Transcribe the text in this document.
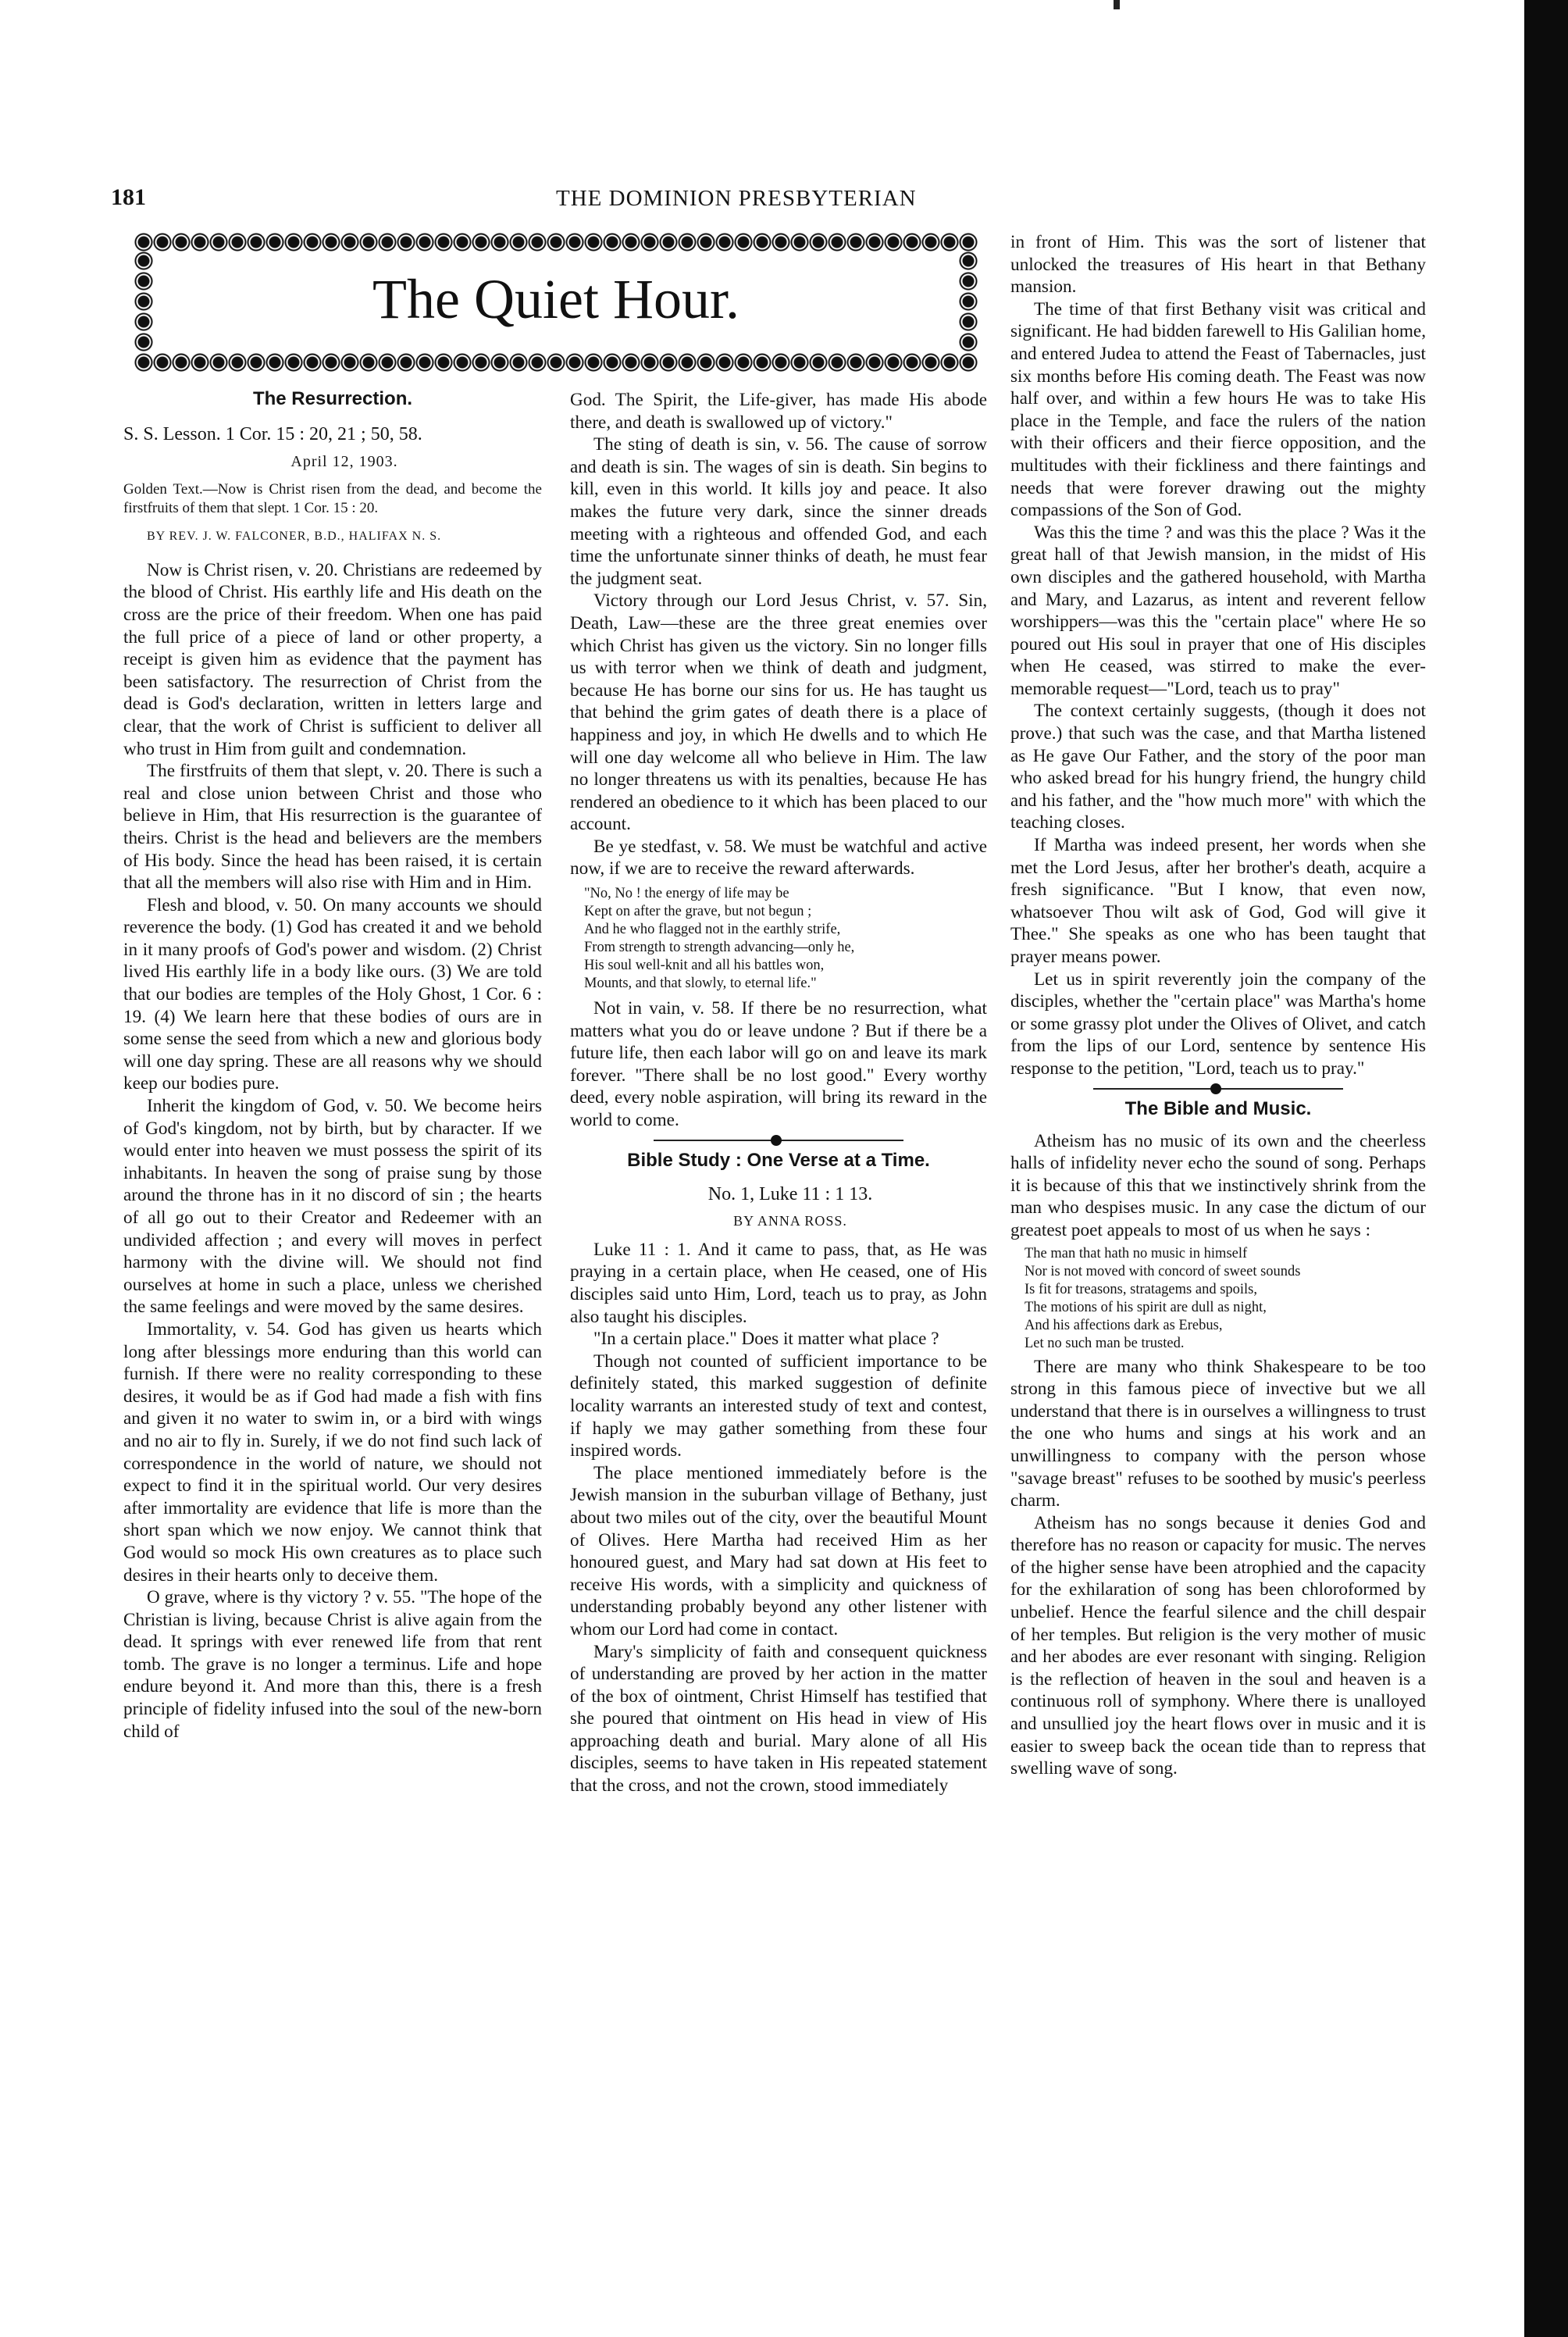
181	THE DOMINION PRESBYTERIAN
The Quiet Hour.
The Resurrection.

S. S. Lesson. 1 Cor. 15 : 20, 21 ; 50, 58.

April 12, 1903.

Golden Text.—Now is Christ risen from the dead, and become the firstfruits of them that slept. 1 Cor. 15 : 20.

BY REV. J. W. FALCONER, B.D., HALIFAX N. S.

Now is Christ risen, v. 20. Christians are redeemed by the blood of Christ. His earthly life and His death on the cross are the price of their freedom. When one has paid the full price of a piece of land or other property, a receipt is given him as evidence that the payment has been satisfactory. The resurrection of Christ from the dead is God's declaration, written in letters large and clear, that the work of Christ is sufficient to deliver all who trust in Him from guilt and condemnation.

The firstfruits of them that slept, v. 20. There is such a real and close union between Christ and those who believe in Him, that His resurrection is the guarantee of theirs. Christ is the head and believers are the members of His body. Since the head has been raised, it is certain that all the members will also rise with Him and in Him.

Flesh and blood, v. 50. On many accounts we should reverence the body. (1) God has created it and we behold in it many proofs of God's power and wisdom. (2) Christ lived His earthly life in a body like ours. (3) We are told that our bodies are temples of the Holy Ghost, 1 Cor. 6 : 19. (4) We learn here that these bodies of ours are in some sense the seed from which a new and glorious body will one day spring. These are all reasons why we should keep our bodies pure.

Inherit the kingdom of God, v. 50. We become heirs of God's kingdom, not by birth, but by character. If we would enter into heaven we must possess the spirit of its inhabitants. In heaven the song of praise sung by those around the throne has in it no discord of sin ; the hearts of all go out to their Creator and Redeemer with an undivided affection ; and every will moves in perfect harmony with the divine will. We should not find ourselves at home in such a place, unless we cherished the same feelings and were moved by the same desires.

Immortality, v. 54. God has given us hearts which long after blessings more enduring than this world can furnish. If there were no reality corresponding to these desires, it would be as if God had made a fish with fins and given it no water to swim in, or a bird with wings and no air to fly in. Surely, if we do not find such lack of correspondence in the world of nature, we should not expect to find it in the spiritual world. Our very desires after immortality are evidence that life is more than the short span which we now enjoy. We cannot think that God would so mock His own creatures as to place such desires in their hearts only to deceive them.

O grave, where is thy victory ? v. 55. "The hope of the Christian is living, because Christ is alive again from the dead. It springs with ever renewed life from that rent tomb. The grave is no longer a terminus. Life and hope endure beyond it. And more than this, there is a fresh principle of fidelity infused into the soul of the new-born child of

God. The Spirit, the Life-giver, has made His abode there, and death is swallowed up of victory."

The sting of death is sin, v. 56. The cause of sorrow and death is sin. The wages of sin is death. Sin begins to kill, even in this world. It kills joy and peace. It also makes the future very dark, since the sinner dreads meeting with a righteous and offended God, and each time the unfortunate sinner thinks of death, he must fear the judgment seat.

Victory through our Lord Jesus Christ, v. 57. Sin, Death, Law—these are the three great enemies over which Christ has given us the victory. Sin no longer fills us with terror when we think of death and judgment, because He has borne our sins for us. He has taught us that behind the grim gates of death there is a place of happiness and joy, in which He dwells and to which He will one day welcome all who believe in Him. The law no longer threatens us with its penalties, because He has rendered an obedience to it which has been placed to our account.

Be ye stedfast, v. 58. We must be watchful and active now, if we are to receive the reward afterwards.

"No, No ! the energy of life may be
Kept on after the grave, but not begun ;
And he who flagged not in the earthly strife,
From strength to strength advancing—only he,
His soul well-knit and all his battles won,
Mounts, and that slowly, to eternal life."

Not in vain, v. 58. If there be no resurrection, what matters what you do or leave undone ? But if there be a future life, then each labor will go on and leave its mark forever. "There shall be no lost good." Every worthy deed, every noble aspiration, will bring its reward in the world to come.

Bible Study : One Verse at a Time.

No. 1, Luke 11 : 1 13.

BY ANNA ROSS.

Luke 11 : 1. And it came to pass, that, as He was praying in a certain place, when He ceased, one of His disciples said unto Him, Lord, teach us to pray, as John also taught his disciples.

"In a certain place." Does it matter what place ?

Though not counted of sufficient importance to be definitely stated, this marked suggestion of definite locality warrants an interested study of text and contest, if haply we may gather something from these four inspired words.

The place mentioned immediately before is the Jewish mansion in the suburban village of Bethany, just about two miles out of the city, over the beautiful Mount of Olives. Here Martha had received Him as her honoured guest, and Mary had sat down at His feet to receive His words, with a simplicity and quickness of understanding probably beyond any other listener with whom our Lord had come in contact.

Mary's simplicity of faith and consequent quickness of understanding are proved by her action in the matter of the box of ointment, Christ Himself has testified that she poured that ointment on His head in view of His approaching death and burial. Mary alone of all His disciples, seems to have taken in His repeated statement that the cross, and not the crown, stood immediately

in front of Him. This was the sort of listener that unlocked the treasures of His heart in that Bethany mansion.

The time of that first Bethany visit was critical and significant. He had bidden farewell to His Galilian home, and entered Judea to attend the Feast of Tabernacles, just six months before His coming death. The Feast was now half over, and within a few hours He was to take His place in the Temple, and face the rulers of the nation with their officers and their fierce opposition, and the multitudes with their fickliness and there faintings and needs that were forever drawing out the mighty compassions of the Son of God.

Was this the time ? and was this the place ? Was it the great hall of that Jewish mansion, in the midst of His own disciples and the gathered household, with Martha and Mary, and Lazarus, as intent and reverent fellow worshippers—was this the "certain place" where He so poured out His soul in prayer that one of His disciples when He ceased, was stirred to make the ever-memorable request—"Lord, teach us to pray"

The context certainly suggests, (though it does not prove.) that such was the case, and that Martha listened as He gave Our Father, and the story of the poor man who asked bread for his hungry friend, the hungry child and his father, and the "how much more" with which the teaching closes.

If Martha was indeed present, her words when she met the Lord Jesus, after her brother's death, acquire a fresh significance. "But I know, that even now, whatsoever Thou wilt ask of God, God will give it Thee." She speaks as one who has been taught that prayer means power.

Let us in spirit reverently join the company of the disciples, whether the "certain place" was Martha's home or some grassy plot under the Olives of Olivet, and catch from the lips of our Lord, sentence by sentence His response to the petition, "Lord, teach us to pray."

The Bible and Music.

Atheism has no music of its own and the cheerless halls of infidelity never echo the sound of song. Perhaps it is because of this that we instinctively shrink from the man who despises music. In any case the dictum of our greatest poet appeals to most of us when he says :

The man that hath no music in himself
Nor is not moved with concord of sweet sounds
Is fit for treasons, stratagems and spoils,
The motions of his spirit are dull as night,
And his affections dark as Erebus,
Let no such man be trusted.

There are many who think Shakespeare to be too strong in this famous piece of invective but we all understand that there is in ourselves a willingness to trust the one who hums and sings at his work and an unwillingness to company with the person whose "savage breast" refuses to be soothed by music's peerless charm.

Atheism has no songs because it denies God and therefore has no reason or capacity for music. The nerves of the higher sense have been atrophied and the capacity for the exhilaration of song has been chloroformed by unbelief. Hence the fearful silence and the chill despair of her temples. But religion is the very mother of music and her abodes are ever resonant with singing. Religion is the reflection of heaven in the soul and heaven is a continuous roll of symphony. Where there is unalloyed and unsullied joy the heart flows over in music and it is easier to sweep back the ocean tide than to repress that swelling wave of song.
